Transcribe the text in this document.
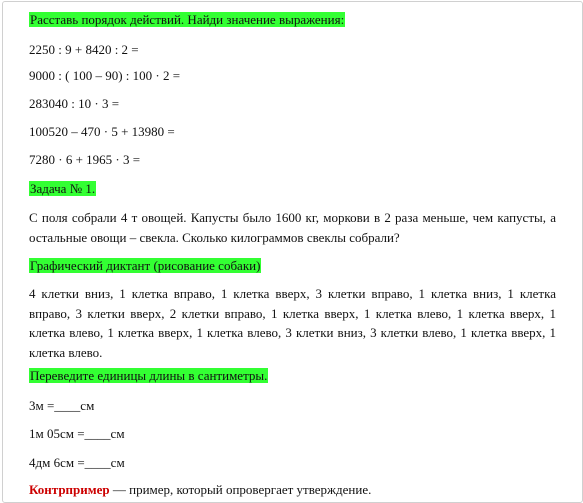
Расставь порядок действий. Найди значение выражения:
2250 : 9 + 8420 : 2 =
9000 : ( 100 – 90) : 100 · 2 =
283040 : 10 · 3 =
100520 – 470 · 5 + 13980 =
7280 · 6 + 1965 · 3 =
Задача № 1.
С поля собрали 4 т овощей. Капусты было 1600 кг, моркови в 2 раза меньше, чем капусты, а остальные овощи – свекла. Сколько килограммов свеклы собрали?
Графический диктант (рисование собаки)
4 клетки вниз, 1 клетка вправо, 1 клетка вверх, 3 клетки вправо, 1 клетка вниз, 1 клетка вправо, 3 клетки вверх, 2 клетки вправо, 1 клетка вверх, 1 клетка влево, 1 клетка вверх, 1 клетка влево, 1 клетка вверх, 1 клетка влево, 3 клетки вниз, 3 клетки влево, 1 клетка вверх, 1 клетка влево.
Переведите единицы длины в сантиметры.
3м =____см
1м 05см =____см
4дм 6см =____см
Контрпример — пример, который опровергает утверждение.
